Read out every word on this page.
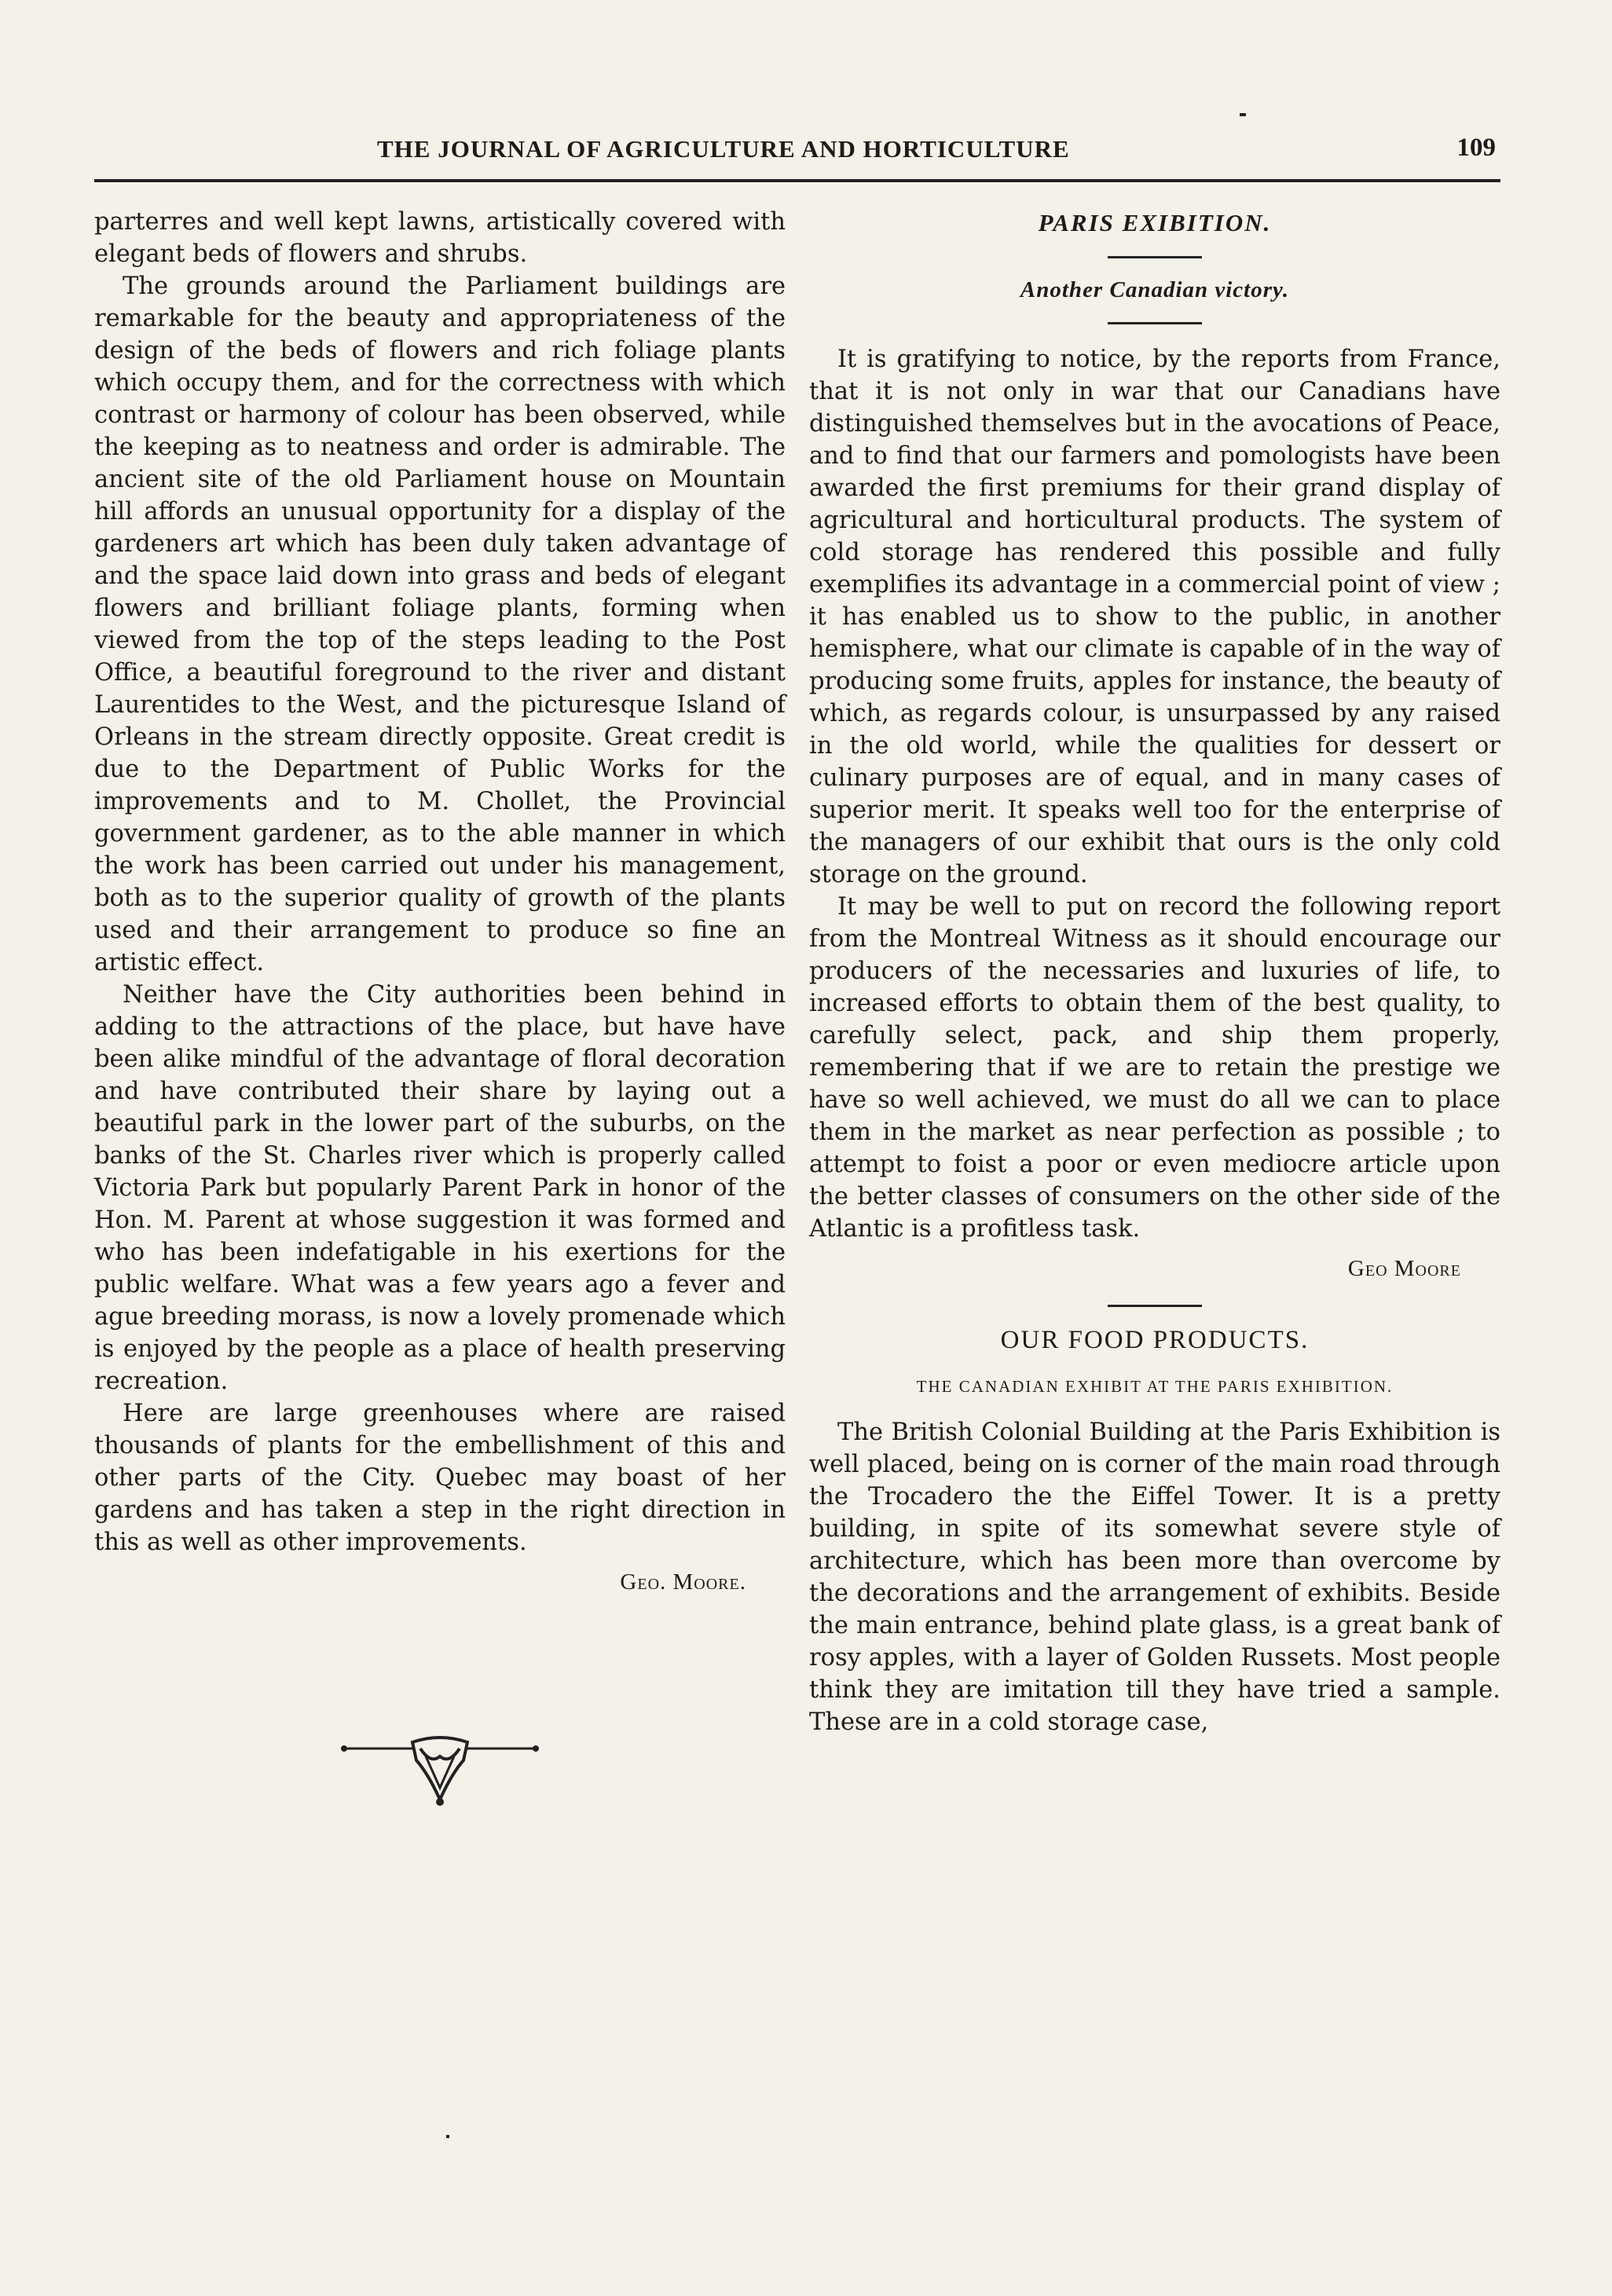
THE JOURNAL OF AGRICULTURE AND HORTICULTURE	109

parterres and well kept lawns, artistically covered with elegant beds of flowers and shrubs.

The grounds around the Parliament buildings are remarkable for the beauty and appropriateness of the design of the beds of flowers and rich foliage plants which occupy them, and for the correctness with which contrast or harmony of colour has been observed, while the keeping as to neatness and order is admirable. The ancient site of the old Parliament house on Mountain hill affords an unusual opportunity for a display of the gardeners art which has been duly taken advantage of and the space laid down into grass and beds of elegant flowers and brilliant foliage plants, forming when viewed from the top of the steps leading to the Post Office, a beautiful foreground to the river and distant Laurentides to the West, and the picturesque Island of Orleans in the stream directly opposite. Great credit is due to the Department of Public Works for the improvements and to M. Chollet, the Provincial government gardener, as to the able manner in which the work has been carried out under his management, both as to the superior quality of growth of the plants used and their arrangement to produce so fine an artistic effect.

Neither have the City authorities been behind in adding to the attractions of the place, but have have been alike mindful of the advantage of floral decoration and have contributed their share by laying out a beautiful park in the lower part of the suburbs, on the banks of the St. Charles river which is properly called Victoria Park but popularly Parent Park in honor of the Hon. M. Parent at whose suggestion it was formed and who has been indefatigable in his exertions for the public welfare. What was a few years ago a fever and ague breeding morass, is now a lovely promenade which is enjoyed by the people as a place of health preserving recreation.

Here are large greenhouses where are raised thousands of plants for the embellishment of this and other parts of the City. Quebec may boast of her gardens and has taken a step in the right direction in this as well as other improvements.

Geo. Moore.
PARIS EXIBITION.
Another Canadian victory.

It is gratifying to notice, by the reports from France, that it is not only in war that our Canadians have distinguished themselves but in the avocations of Peace, and to find that our farmers and pomologists have been awarded the first premiums for their grand display of agricultural and horticultural products. The system of cold storage has rendered this possible and fully exemplifies its advantage in a commercial point of view ; it has enabled us to show to the public, in another hemisphere, what our climate is capable of in the way of producing some fruits, apples for instance, the beauty of which, as regards colour, is unsurpassed by any raised in the old world, while the qualities for dessert or culinary purposes are of equal, and in many cases of superior merit. It speaks well too for the enterprise of the managers of our exhibit that ours is the only cold storage on the ground.

It may be well to put on record the following report from the Montreal Witness as it should encourage our producers of the necessaries and luxuries of life, to increased efforts to obtain them of the best quality, to carefully select, pack, and ship them properly, remembering that if we are to retain the prestige we have so well achieved, we must do all we can to place them in the market as near perfection as possible ; to attempt to foist a poor or even mediocre article upon the better classes of consumers on the other side of the Atlantic is a profitless task.

Geo Moore
OUR FOOD PRODUCTS.
THE CANADIAN EXHIBIT AT THE PARIS EXHIBITION.

The British Colonial Building at the Paris Exhibition is well placed, being on is corner of the main road through the Trocadero the the Eiffel Tower. It is a pretty building, in spite of its somewhat severe style of architecture, which has been more than overcome by the decorations and the arrangement of exhibits. Beside the main entrance, behind plate glass, is a great bank of rosy apples, with a layer of Golden Russets. Most people think they are imitation till they have tried a sample. These are in a cold storage case,
